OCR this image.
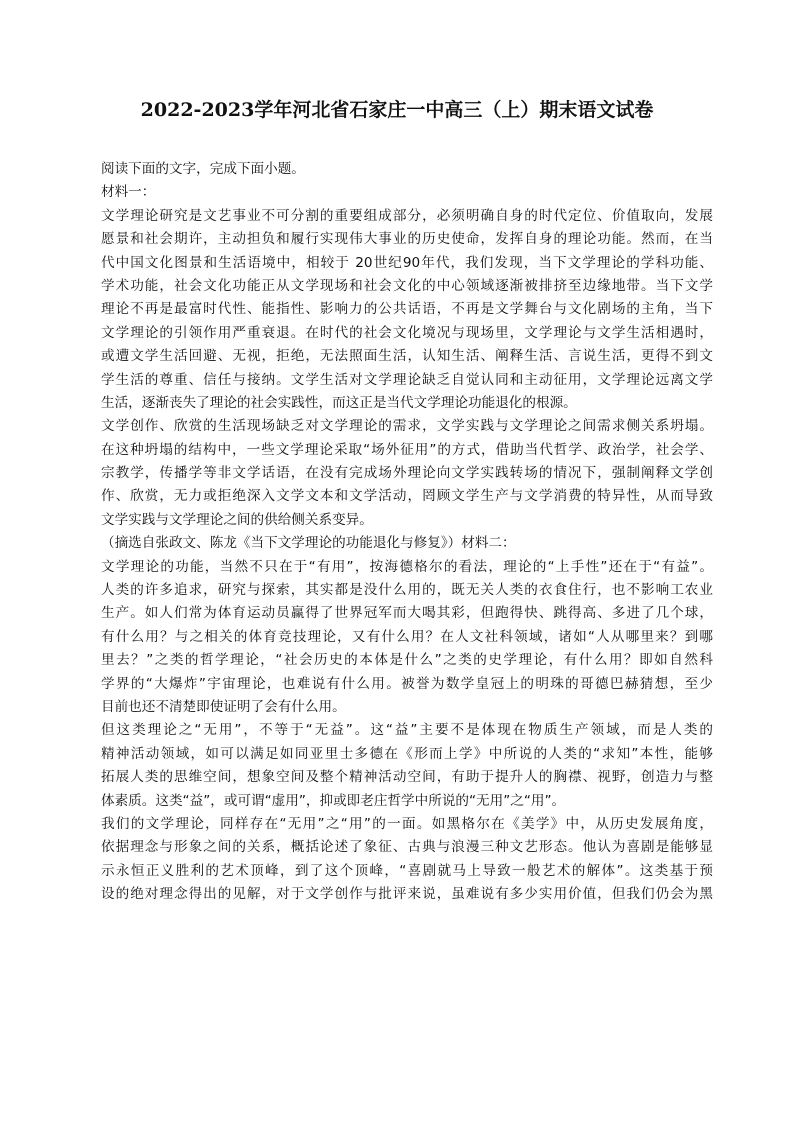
2022-2023学年河北省石家庄一中高三（上）期末语文试卷
阅读下面的文字，完成下面小题。
材料一：
文学理论研究是文艺事业不可分割的重要组成部分，必须明确自身的时代定位、价值取向，发展
愿景和社会期许，主动担负和履行实现伟大事业的历史使命，发挥自身的理论功能。然而，在当
代中国文化图景和生活语境中，相较于 20世纪90年代，我们发现，当下文学理论的学科功能、
学术功能，社会文化功能正从文学现场和社会文化的中心领域逐渐被排挤至边缘地带。当下文学
理论不再是最富时代性、能指性、影响力的公共话语，不再是文学舞台与文化剧场的主角，当下
文学理论的引领作用严重衰退。在时代的社会文化境况与现场里，文学理论与文学生活相遇时，
或遭文学生活回避、无视，拒绝，无法照面生活，认知生活、阐释生活、言说生活，更得不到文
学生活的尊重、信任与接纳。文学生活对文学理论缺乏自觉认同和主动征用，文学理论远离文学
生活，逐渐丧失了理论的社会实践性，而这正是当代文学理论功能退化的根源。
文学创作、欣赏的生活现场缺乏对文学理论的需求，文学实践与文学理论之间需求侧关系坍塌。
在这种坍塌的结构中，一些文学理论采取“场外征用”的方式，借助当代哲学、政治学，社会学、
宗教学，传播学等非文学话语，在没有完成场外理论向文学实践转场的情况下，强制阐释文学创
作、欣赏，无力或拒绝深入文学文本和文学活动，罔顾文学生产与文学消费的特异性，从而导致
文学实践与文学理论之间的供给侧关系变异。
（摘选自张政文、陈龙《当下文学理论的功能退化与修复》）材料二：
文学理论的功能，当然不只在于“有用”，按海德格尔的看法，理论的“上手性”还在于“有益”。
人类的许多追求，研究与探索，其实都是没什么用的，既无关人类的衣食住行，也不影响工农业
生产。如人们常为体育运动员赢得了世界冠军而大喝其彩，但跑得快、跳得高、多进了几个球，
有什么用？与之相关的体育竞技理论，又有什么用？在人文社科领域，诸如“人从哪里来？到哪
里去？”之类的哲学理论，“社会历史的本体是什么”之类的史学理论，有什么用？即如自然科
学界的“大爆炸”宇宙理论，也难说有什么用。被誉为数学皇冠上的明珠的哥德巴赫猜想，至少
目前也还不清楚即使证明了会有什么用。
但这类理论之“无用”，不等于“无益”。这“益”主要不是体现在物质生产领域，而是人类的
精神活动领域，如可以满足如同亚里士多德在《形而上学》中所说的人类的“求知”本性，能够
拓展人类的思维空间，想象空间及整个精神活动空间，有助于提升人的胸襟、视野，创造力与整
体素质。这类“益”，或可谓“虚用”，抑或即老庄哲学中所说的“无用”之“用”。
我们的文学理论，同样存在“无用”之“用”的一面。如黑格尔在《美学》中，从历史发展角度，
依据理念与形象之间的关系，概括论述了象征、古典与浪漫三种文艺形态。他认为喜剧是能够显
示永恒正义胜利的艺术顶峰，到了这个顶峰，“喜剧就马上导致一般艺术的解体”。这类基于预
设的绝对理念得出的见解，对于文学创作与批评来说，虽难说有多少实用价值，但我们仍会为黑
